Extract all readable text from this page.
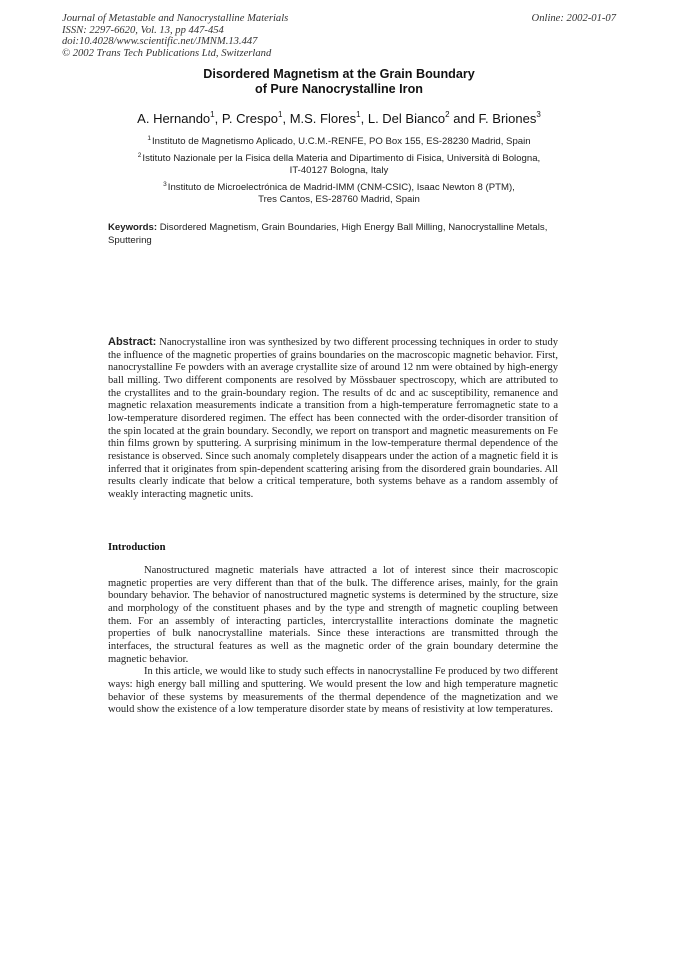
Journal of Metastable and Nanocrystalline Materials
ISSN: 2297-6620, Vol. 13, pp 447-454
doi:10.4028/www.scientific.net/JMNM.13.447
© 2002 Trans Tech Publications Ltd, Switzerland
Online: 2002-01-07
Disordered Magnetism at the Grain Boundary
of Pure Nanocrystalline Iron
A. Hernando$^1$, P. Crespo$^1$, M.S. Flores$^1$, L. Del Bianco$^2$ and F. Briones$^3$
$^1$Instituto de Magnetismo Aplicado, U.C.M.-RENFE, PO Box 155, ES-28230 Madrid, Spain
$^2$Istituto Nazionale per la Fisica della Materia and Dipartimento di Fisica, Università di Bologna,
IT-40127 Bologna, Italy
$^3$Instituto de Microelectrónica de Madrid-IMM (CNM-CSIC), Isaac Newton 8 (PTM),
Tres Cantos, ES-28760 Madrid, Spain
Keywords: Disordered Magnetism, Grain Boundaries, High Energy Ball Milling, Nanocrystalline Metals, Sputtering
Abstract: Nanocrystalline iron was synthesized by two different processing techniques in order to study the influence of the magnetic properties of grains boundaries on the macroscopic magnetic behavior. First, nanocrystalline Fe powders with an average crystallite size of around 12 nm were obtained by high-energy ball milling. Two different components are resolved by Mössbauer spectroscopy, which are attributed to the crystallites and to the grain-boundary region. The results of dc and ac susceptibility, remanence and magnetic relaxation measurements indicate a transition from a high-temperature ferromagnetic state to a low-temperature disordered regimen. The effect has been connected with the order-disorder transition of the spin located at the grain boundary. Secondly, we report on transport and magnetic measurements on Fe thin films grown by sputtering. A surprising minimum in the low-temperature thermal dependence of the resistance is observed. Since such anomaly completely disappears under the action of a magnetic field it is inferred that it originates from spin-dependent scattering arising from the disordered grain boundaries. All results clearly indicate that below a critical temperature, both systems behave as a random assembly of weakly interacting magnetic units.
Introduction

Nanostructured magnetic materials have attracted a lot of interest since their macroscopic magnetic properties are very different than that of the bulk. The difference arises, mainly, for the grain boundary behavior. The behavior of nanostructured magnetic systems is determined by the structure, size and morphology of the constituent phases and by the type and strength of magnetic coupling between them. For an assembly of interacting particles, intercrystallite interactions dominate the magnetic properties of bulk nanocrystalline materials. Since these interactions are transmitted through the interfaces, the structural features as well as the magnetic order of the grain boundary determine the magnetic behavior.

In this article, we would like to study such effects in nanocrystalline Fe produced by two different ways: high energy ball milling and sputtering. We would present the low and high temperature magnetic behavior of these systems by measurements of the thermal dependence of the magnetization and we would show the existence of a low temperature disorder state by means of resistivity at low temperatures.
